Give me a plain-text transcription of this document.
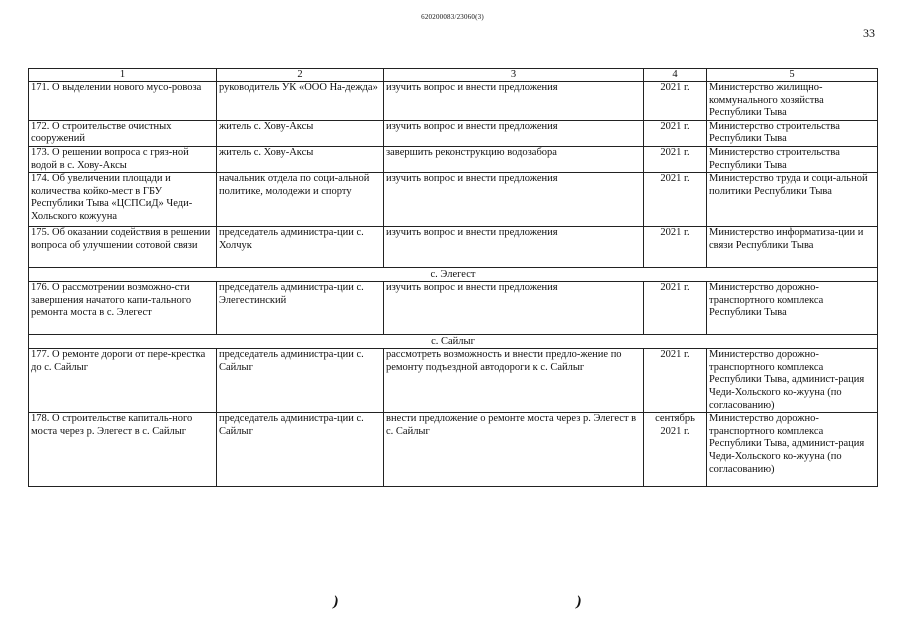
620200083/23060(3)
33
1	2	3	4	5
171. О выделении нового мусо-ровоза	руководитель УК «ООО На-дежда»	изучить вопрос и внести предложения	2021 г.	Министерство жилищно-коммунального хозяйства Республики Тыва
172. О строительстве очистных сооружений	житель с. Хову-Аксы	изучить вопрос и внести предложения	2021 г.	Министерство строительства Республики Тыва
173. О решении вопроса с гряз-ной водой в с. Хову-Аксы	житель с. Хову-Аксы	завершить реконструкцию водозабора	2021 г.	Министерство строительства Республики Тыва
174. Об увеличении площади и количества койко-мест в ГБУ Республики Тыва «ЦСПСиД» Чеди-Хольского кожууна	начальник отдела по соци-альной политике, молодежи и спорту	изучить вопрос и внести предложения	2021 г.	Министерство труда и соци-альной политики Республики Тыва
175. Об оказании содействия в решении вопроса об улучшении сотовой связи	председатель администра-ции с. Холчук	изучить вопрос и внести предложения	2021 г.	Министерство информатиза-ции и связи Республики Тыва
с. Элегест				
176. О рассмотрении возможно-сти завершения начатого капи-тального ремонта моста в с. Элегест	председатель администра-ции с. Элегестинский	изучить вопрос и внести предложения	2021 г.	Министерство дорожно-транспортного комплекса Республики Тыва
с. Сайлыг				
177. О ремонте дороги от пере-крестка до с. Сайлыг	председатель администра-ции с. Сайлыг	рассмотреть возможность и внести предло-жение по ремонту подъездной автодороги к с. Сайлыг	2021 г.	Министерство дорожно-транспортного комплекса Республики Тыва, админист-рация Чеди-Хольского ко-жууна (по согласованию)
178. О строительстве капиталь-ного моста через р. Элегест в с. Сайлыг	председатель администра-ции с. Сайлыг	внести предложение о ремонте моста через р. Элегест в с. Сайлыг	сентябрь 2021 г.	Министерство дорожно-транспортного комплекса Республики Тыва, админист-рация Чеди-Хольского ко-жууна (по согласованию)
)	)
